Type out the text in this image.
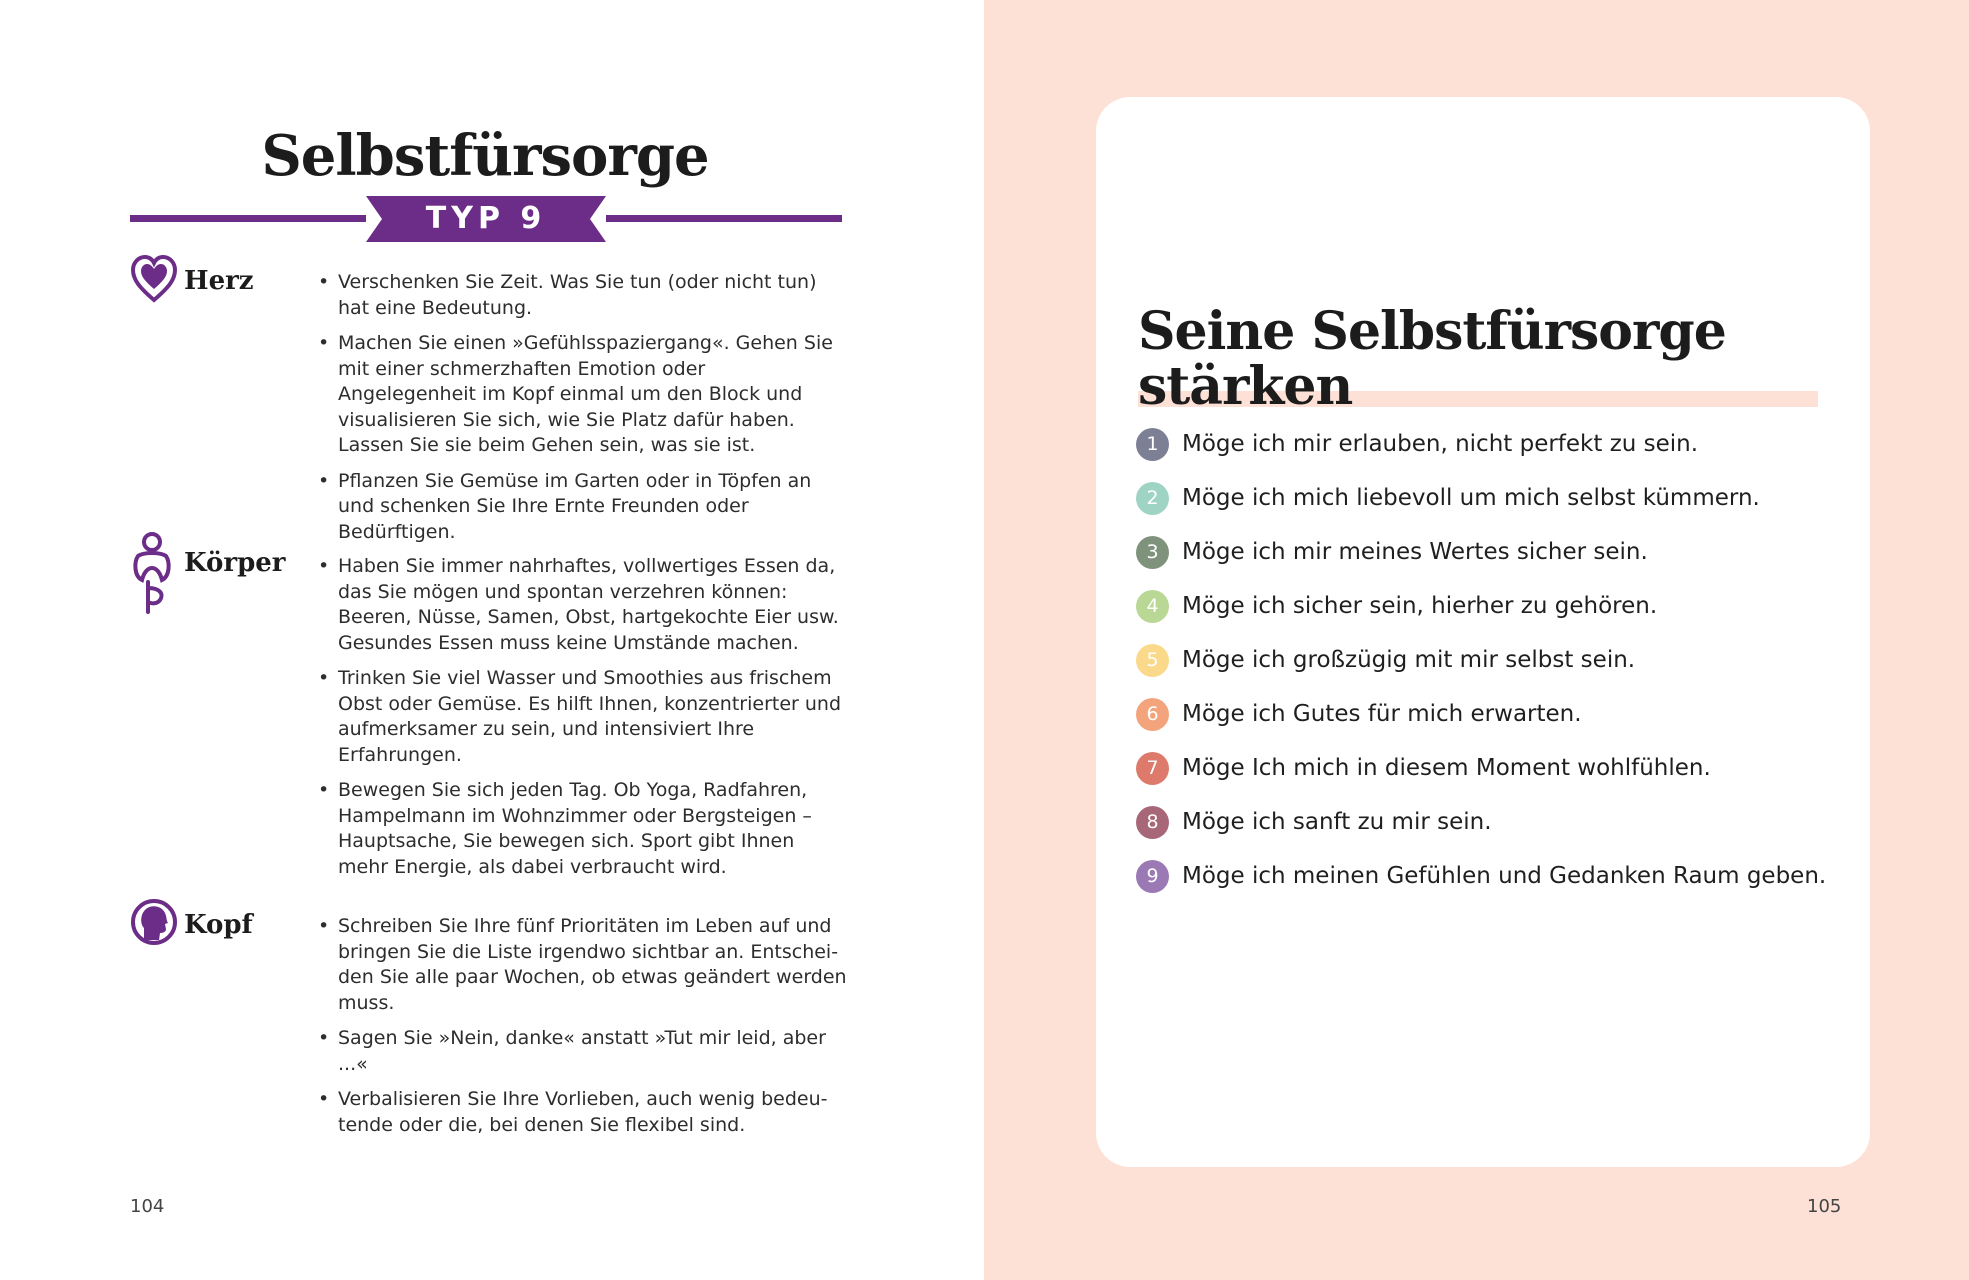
Selbstfürsorge
TYP 9
Herz	• Verschenken Sie Zeit. Was Sie tun (oder nicht tun) hat eine Bedeutung.
• Machen Sie einen »Gefühlsspaziergang«. Gehen Sie mit einer schmerzhaften Emotion oder Angelegenheit im Kopf einmal um den Block und visualisieren Sie sich, wie Sie Platz dafür haben. Lassen Sie sie beim Gehen sein, was sie ist.
• Pflanzen Sie Gemüse im Garten oder in Töpfen an und schenken Sie Ihre Ernte Freunden oder Bedürftigen.
Körper	• Haben Sie immer nahrhaftes, vollwertiges Essen da, das Sie mögen und spontan verzehren können: Beeren, Nüsse, Samen, Obst, hartgekochte Eier usw. Gesundes Essen muss keine Umstände machen.
• Trinken Sie viel Wasser und Smoothies aus frischem Obst oder Gemüse. Es hilft Ihnen, konzentrierter und aufmerksamer zu sein, und intensiviert Ihre Erfahrungen.
• Bewegen Sie sich jeden Tag. Ob Yoga, Radfahren, Hampelmann im Wohnzimmer oder Bergsteigen – Hauptsache, Sie bewegen sich. Sport gibt Ihnen mehr Energie, als dabei verbraucht wird.
Kopf	• Schreiben Sie Ihre fünf Prioritäten im Leben auf und bringen Sie die Liste irgendwo sichtbar an. Entschei-den Sie alle paar Wochen, ob etwas geändert werden muss.
• Sagen Sie »Nein, danke« anstatt »Tut mir leid, aber ...«
• Verbalisieren Sie Ihre Vorlieben, auch wenig bedeu-tende oder die, bei denen Sie flexibel sind.
104
Seine Selbstfürsorge
stärken
1	Möge ich mir erlauben, nicht perfekt zu sein.
2	Möge ich mich liebevoll um mich selbst kümmern.
3	Möge ich mir meines Wertes sicher sein.
4	Möge ich sicher sein, hierher zu gehören.
5	Möge ich großzügig mit mir selbst sein.
6	Möge ich Gutes für mich erwarten.
7	Möge Ich mich in diesem Moment wohlfühlen.
8	Möge ich sanft zu mir sein.
9	Möge ich meinen Gefühlen und Gedanken Raum geben.
105
